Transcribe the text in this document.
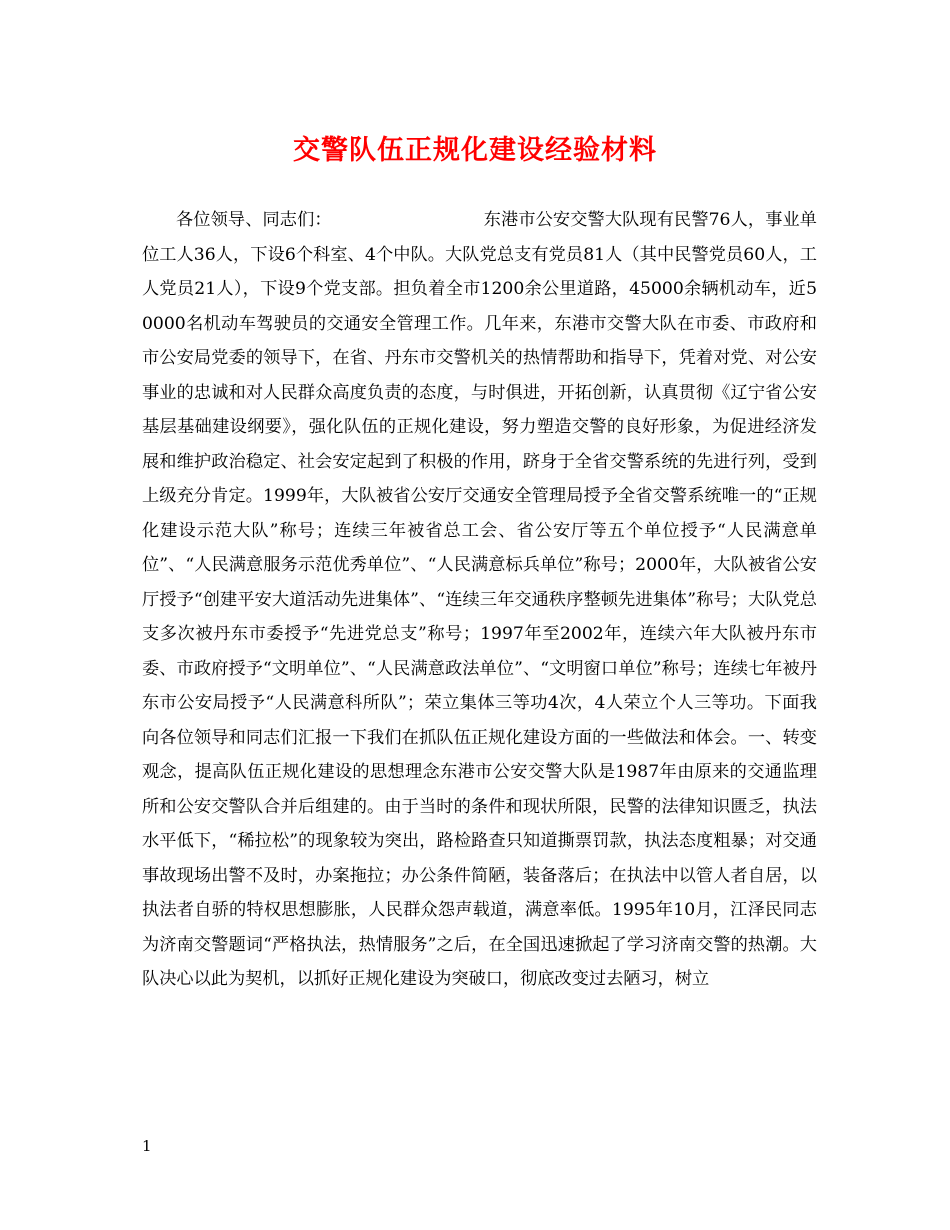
交警队伍正规化建设经验材料

各位领导、同志们：	东港市公安交警大队现有民警76人，事业单位工人36人，下设6个科室、4个中队。大队党总支有党员81人（其中民警党员60人，工人党员21人），下设9个党支部。担负着全市1200余公里道路，45000余辆机动车，近50000名机动车驾驶员的交通安全管理工作。几年来，东港市交警大队在市委、市政府和市公安局党委的领导下，在省、丹东市交警机关的热情帮助和指导下，凭着对党、对公安事业的忠诚和对人民群众高度负责的态度，与时俱进，开拓创新，认真贯彻《辽宁省公安基层基础建设纲要》，强化队伍的正规化建设，努力塑造交警的良好形象，为促进经济发展和维护政治稳定、社会安定起到了积极的作用，跻身于全省交警系统的先进行列，受到上级充分肯定。1999年，大队被省公安厅交通安全管理局授予全省交警系统唯一的“正规化建设示范大队”称号；连续三年被省总工会、省公安厅等五个单位授予“人民满意单位”、“人民满意服务示范优秀单位”、“人民满意标兵单位”称号；2000年，大队被省公安厅授予“创建平安大道活动先进集体”、“连续三年交通秩序整顿先进集体”称号；大队党总支多次被丹东市委授予“先进党总支”称号；1997年至2002年，连续六年大队被丹东市委、市政府授予“文明单位”、“人民满意政法单位”、“文明窗口单位”称号；连续七年被丹东市公安局授予“人民满意科所队”；荣立集体三等功4次，4人荣立个人三等功。下面我向各位领导和同志们汇报一下我们在抓队伍正规化建设方面的一些做法和体会。一、转变观念，提高队伍正规化建设的思想理念东港市公安交警大队是1987年由原来的交通监理所和公安交警队合并后组建的。由于当时的条件和现状所限，民警的法律知识匮乏，执法水平低下，“稀拉松”的现象较为突出，路检路查只知道撕票罚款，执法态度粗暴；对交通事故现场出警不及时，办案拖拉；办公条件简陋，装备落后；在执法中以管人者自居，以执法者自骄的特权思想膨胀，人民群众怨声载道，满意率低。1995年10月，江泽民同志为济南交警题词“严格执法，热情服务”之后，在全国迅速掀起了学习济南交警的热潮。大队决心以此为契机，以抓好正规化建设为突破口，彻底改变过去陋习，树立

1
